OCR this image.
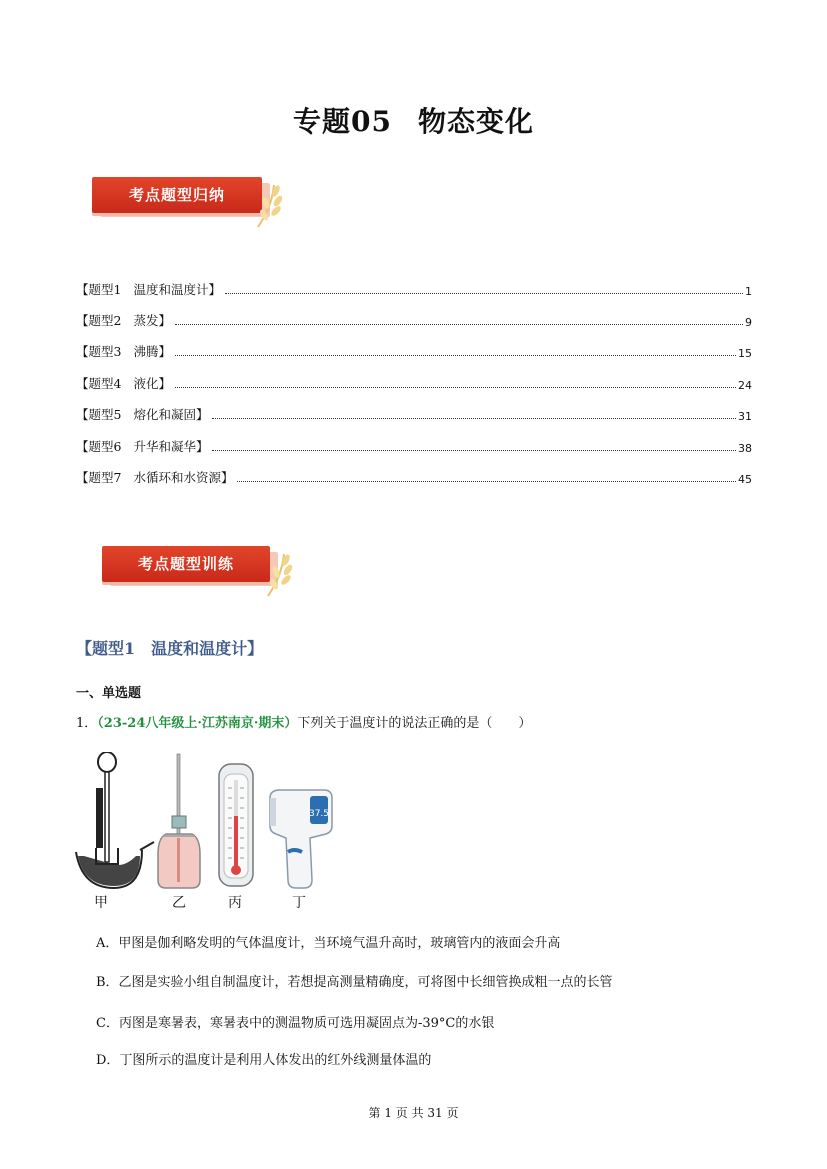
专题05 物态变化
考点题型归纳
【题型1 温度和温度计】	1
【题型2 蒸发】	9
【题型3 沸腾】	15
【题型4 液化】	24
【题型5 熔化和凝固】	31
【题型6 升华和凝华】	38
【题型7 水循环和水资源】	45
考点题型训练
【题型1 温度和温度计】
一、单选题
1．（23-24八年级上·江苏南京·期末）下列关于温度计的说法正确的是（　　）
37.5
甲	乙	丙	丁
A．甲图是伽利略发明的气体温度计，当环境气温升高时，玻璃管内的液面会升高
B．乙图是实验小组自制温度计，若想提高测量精确度，可将图中长细管换成粗一点的长管
C．丙图是寒暑表，寒暑表中的测温物质可选用凝固点为-39°C的水银
D．丁图所示的温度计是利用人体发出的红外线测量体温的
第 1 页 共 31 页
